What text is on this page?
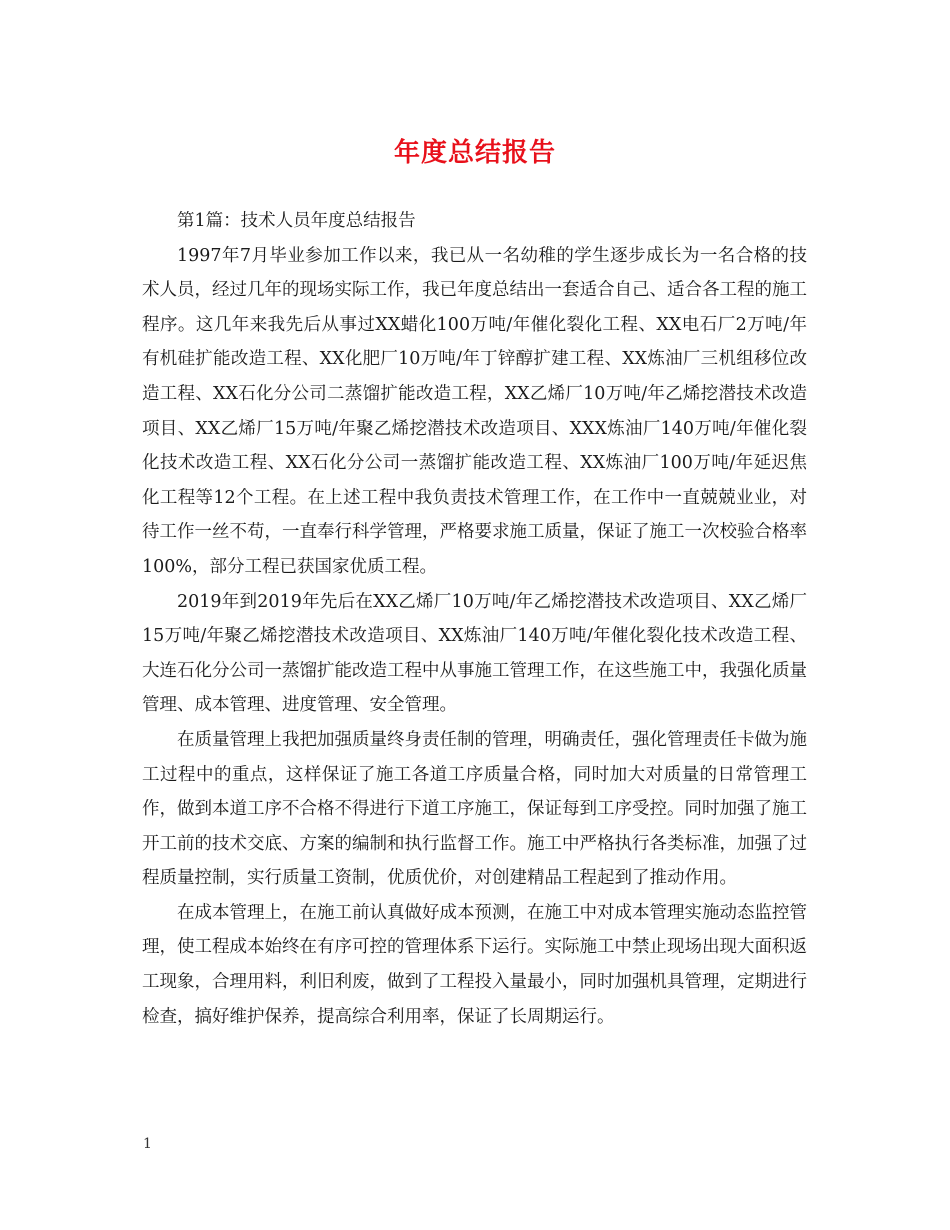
年度总结报告

第1篇：技术人员年度总结报告

1997年7月毕业参加工作以来，我已从一名幼稚的学生逐步成长为一名合格的技术人员，经过几年的现场实际工作，我已年度总结出一套适合自己、适合各工程的施工程序。这几年来我先后从事过XX蜡化100万吨/年催化裂化工程、XX电石厂2万吨/年有机硅扩能改造工程、XX化肥厂10万吨/年丁锌醇扩建工程、XX炼油厂三机组移位改造工程、XX石化分公司二蒸馏扩能改造工程，XX乙烯厂10万吨/年乙烯挖潜技术改造项目、XX乙烯厂15万吨/年聚乙烯挖潜技术改造项目、XXX炼油厂140万吨/年催化裂化技术改造工程、XX石化分公司一蒸馏扩能改造工程、XX炼油厂100万吨/年延迟焦化工程等12个工程。在上述工程中我负责技术管理工作，在工作中一直兢兢业业，对待工作一丝不苟，一直奉行科学管理，严格要求施工质量，保证了施工一次校验合格率100%，部分工程已获国家优质工程。

2019年到2019年先后在XX乙烯厂10万吨/年乙烯挖潜技术改造项目、XX乙烯厂15万吨/年聚乙烯挖潜技术改造项目、XX炼油厂140万吨/年催化裂化技术改造工程、大连石化分公司一蒸馏扩能改造工程中从事施工管理工作，在这些施工中，我强化质量管理、成本管理、进度管理、安全管理。

在质量管理上我把加强质量终身责任制的管理，明确责任，强化管理责任卡做为施工过程中的重点，这样保证了施工各道工序质量合格，同时加大对质量的日常管理工作，做到本道工序不合格不得进行下道工序施工，保证每到工序受控。同时加强了施工开工前的技术交底、方案的编制和执行监督工作。施工中严格执行各类标准，加强了过程质量控制，实行质量工资制，优质优价，对创建精品工程起到了推动作用。

在成本管理上，在施工前认真做好成本预测，在施工中对成本管理实施动态监控管理，使工程成本始终在有序可控的管理体系下运行。实际施工中禁止现场出现大面积返工现象，合理用料，利旧利废，做到了工程投入量最小，同时加强机具管理，定期进行检查，搞好维护保养，提高综合利用率，保证了长周期运行。

1
